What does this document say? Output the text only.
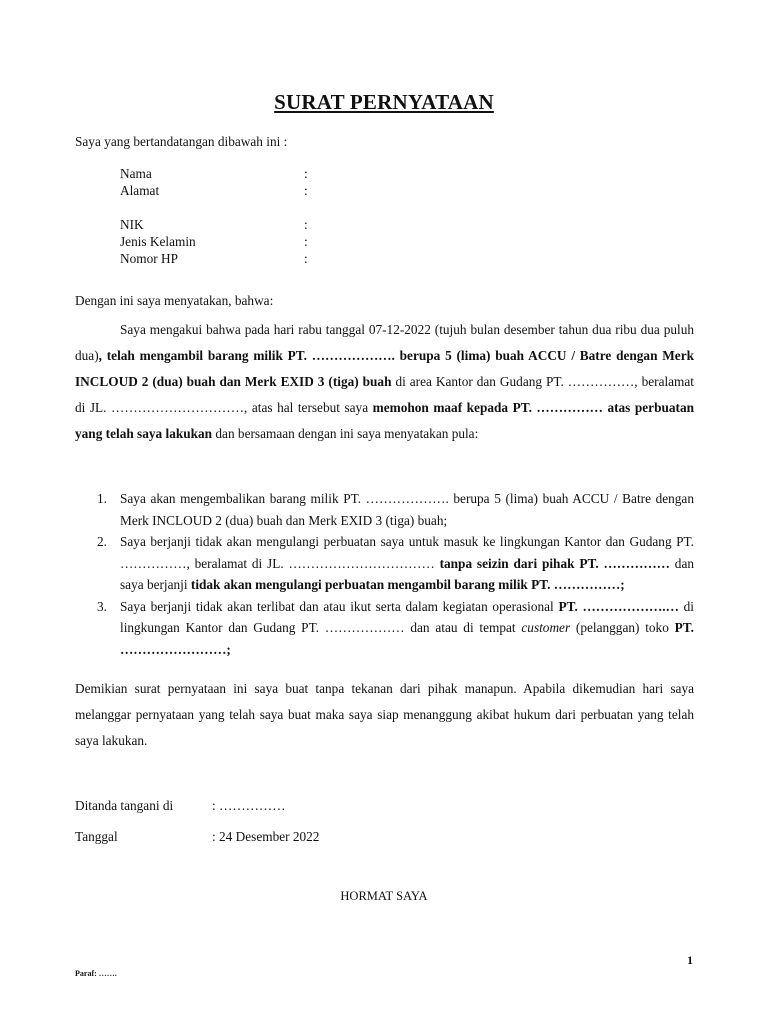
SURAT PERNYATAAN
Saya yang bertandatangan dibawah ini :
Nama	:
Alamat	:
NIK	:
Jenis Kelamin	:
Nomor HP	:
Dengan ini saya menyatakan, bahwa:

Saya mengakui bahwa pada hari rabu tanggal 07-12-2022 (tujuh bulan desember tahun dua ribu dua puluh dua), telah mengambil barang milik PT. ………………. berupa 5 (lima) buah ACCU / Batre dengan Merk INCLOUD 2 (dua) buah dan Merk EXID 3 (tiga) buah di area Kantor dan Gudang PT. ……………, beralamat di JL. …………………………, atas hal tersebut saya memohon maaf kepada PT. …………… atas perbuatan yang telah saya lakukan dan bersamaan dengan ini saya menyatakan pula:

1. Saya akan mengembalikan barang milik PT. ………………. berupa 5 (lima) buah ACCU / Batre dengan Merk INCLOUD 2 (dua) buah dan Merk EXID 3 (tiga) buah;
2. Saya berjanji tidak akan mengulangi perbuatan saya untuk masuk ke lingkungan Kantor dan Gudang PT. ……………, beralamat di JL. …………………………… tanpa seizin dari pihak PT. …………… dan saya berjanji tidak akan mengulangi perbuatan mengambil barang milik PT. ……………;
3. Saya berjanji tidak akan terlibat dan atau ikut serta dalam kegiatan operasional PT. ……………….… di lingkungan Kantor dan Gudang PT. ……………… dan atau di tempat customer (pelanggan) toko PT. ……………………;
Demikian surat pernyataan ini saya buat tanpa tekanan dari pihak manapun. Apabila dikemudian hari saya melanggar pernyataan yang telah saya buat maka saya siap menanggung akibat hukum dari perbuatan yang telah saya lakukan.
Ditanda tangani di	: ……………
Tanggal	: 24 Desember 2022
HORMAT SAYA
1
Paraf: …….
